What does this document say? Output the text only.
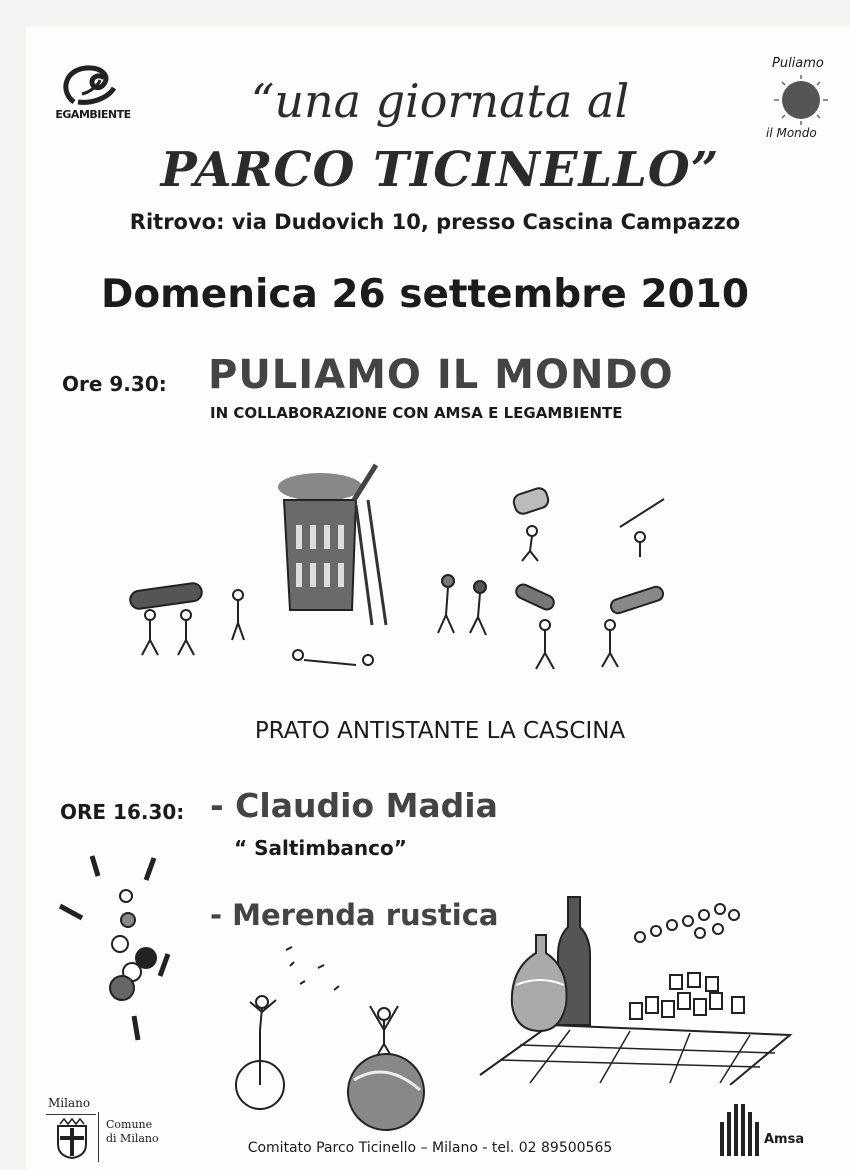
EGAMBIENTE
Puliamo
il Mondo
“una giornata al
PARCO TICINELLO”
Ritrovo: via Dudovich 10, presso Cascina Campazzo
Domenica 26 settembre 2010
Ore 9.30: PULIAMO IL MONDO
IN COLLABORAZIONE CON AMSA E LEGAMBIENTE
PRATO ANTISTANTE LA CASCINA
ORE 16.30: - Claudio Madia
“ Saltimbanco”
- Merenda rustica
Milano
Comune
di Milano
Comitato Parco Ticinello – Milano - tel. 02 89500565
Amsa
